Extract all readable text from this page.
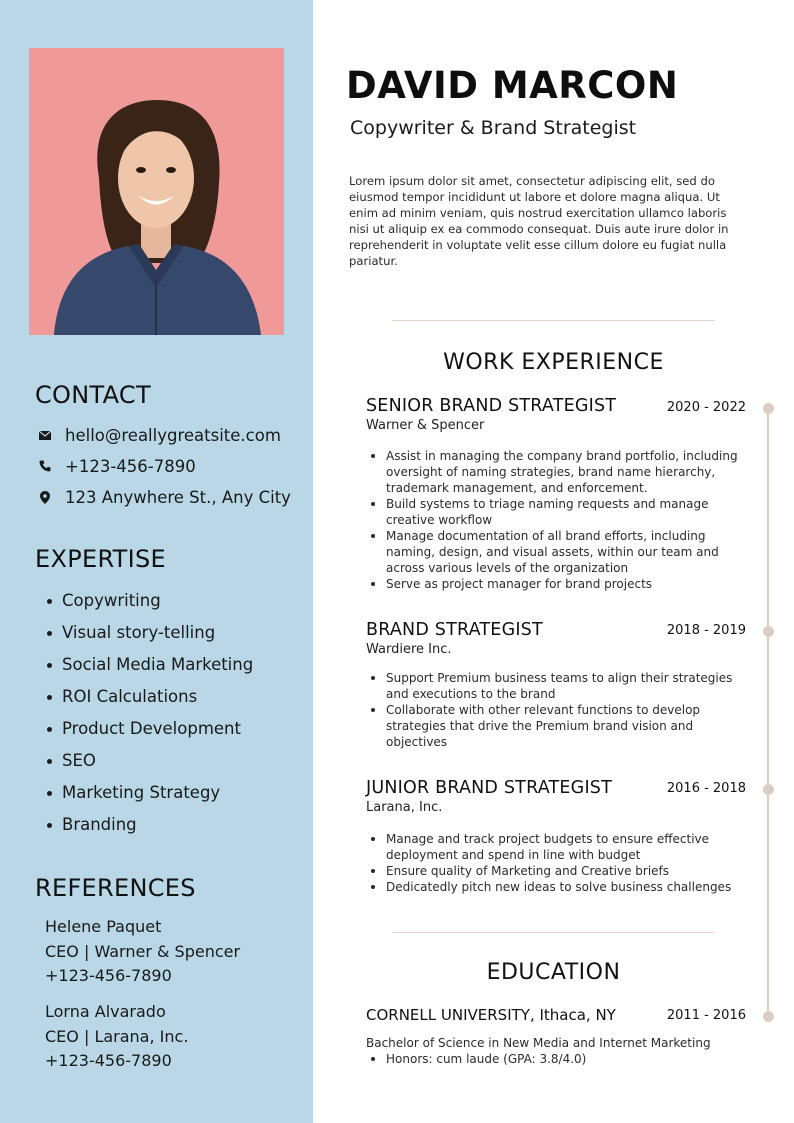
CONTACT
hello@reallygreatsite.com
+123-456-7890
123 Anywhere St., Any City
EXPERTISE
Copywriting
Visual story-telling
Social Media Marketing
ROI Calculations
Product Development
SEO
Marketing Strategy
Branding
REFERENCES
Helene Paquet
CEO | Warner & Spencer
+123-456-7890
Lorna Alvarado
CEO | Larana, Inc.
+123-456-7890
DAVID MARCON
Copywriter & Brand Strategist

Lorem ipsum dolor sit amet, consectetur adipiscing elit, sed do eiusmod tempor incididunt ut labore et dolore magna aliqua. Ut enim ad minim veniam, quis nostrud exercitation ullamco laboris nisi ut aliquip ex ea commodo consequat. Duis aute irure dolor in reprehenderit in voluptate velit esse cillum dolore eu fugiat nulla pariatur.

WORK EXPERIENCE
SENIOR BRAND STRATEGIST	2020 - 2022
Warner & Spencer
Assist in managing the company brand portfolio, including oversight of naming strategies, brand name hierarchy, trademark management, and enforcement.
Build systems to triage naming requests and manage creative workflow
Manage documentation of all brand efforts, including naming, design, and visual assets, within our team and across various levels of the organization
Serve as project manager for brand projects
BRAND STRATEGIST	2018 - 2019
Wardiere Inc.
Support Premium business teams to align their strategies and executions to the brand
Collaborate with other relevant functions to develop strategies that drive the Premium brand vision and objectives
JUNIOR BRAND STRATEGIST	2016 - 2018
Larana, Inc.
Manage and track project budgets to ensure effective deployment and spend in line with budget
Ensure quality of Marketing and Creative briefs
Dedicatedly pitch new ideas to solve business challenges
EDUCATION
CORNELL UNIVERSITY, Ithaca, NY	2011 - 2016
Bachelor of Science in New Media and Internet Marketing
Honors: cum laude (GPA: 3.8/4.0)
